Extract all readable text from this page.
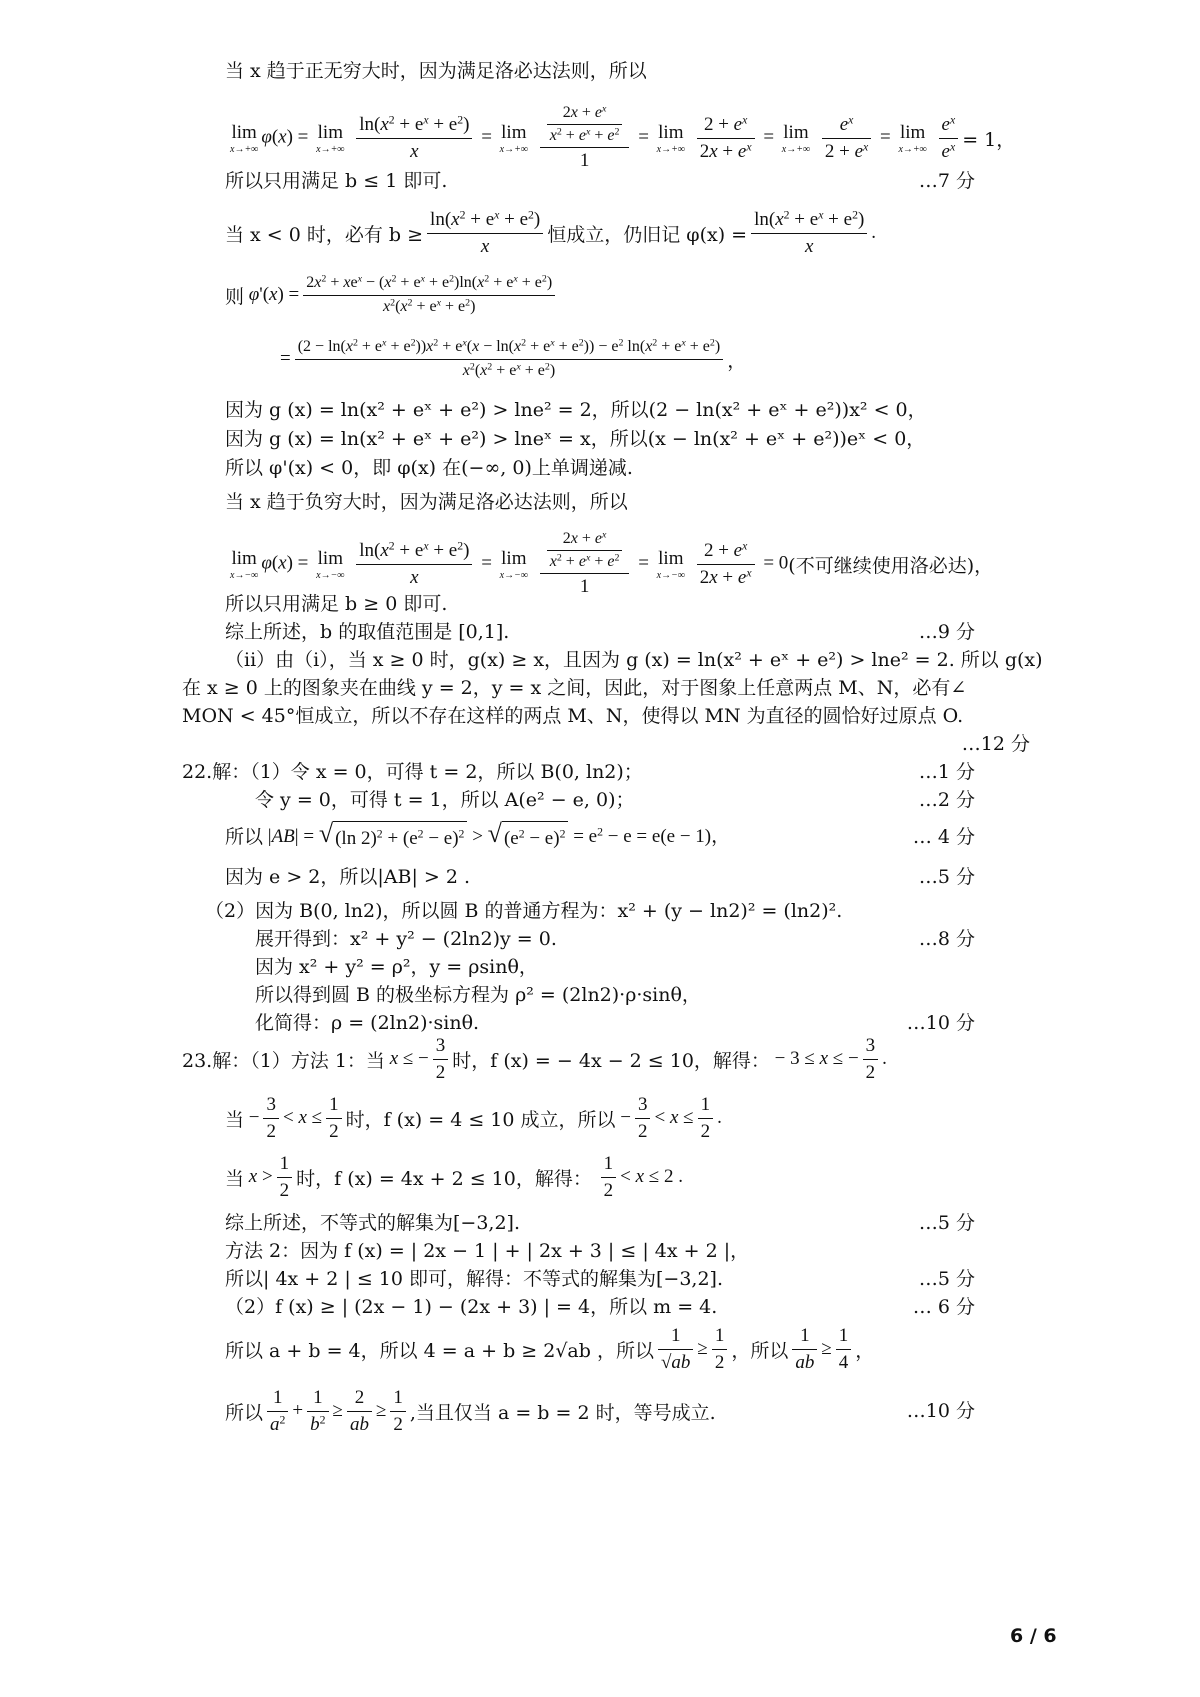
当 x 趋于正无穷大时，因为满足洛必达法则，所以
lim
x→+∞
φ(x) = lim
x→+∞
$\frac{\ln(x^2 + e^x + e^2)}{x} = \lim$
x→+∞
$\frac{\frac{2x + e^x}{x^2 + e^x + e^2}}{1} = \lim$
x→+∞
$\frac{2 + e^x}{2x + e^x} = \lim$
x→+∞
$\frac{e^x}{2 + e^x} = \lim$
x→+∞
$\frac{e^x}{e^x} = 1$，
所以只用满足 b ≤ 1 即可.	…7 分
当 x < 0 时，必有 $b \ge \frac{\ln(x^2 + e^x + e^2)}{x}$ 恒成立，仍旧记 $\varphi(x) = \frac{\ln(x^2 + e^x + e^2)}{x}$ .
则 $\varphi'(x) = \frac{2x^2 + xe^x - (x^2 + e^x + e^2)\ln(x^2 + e^x + e^2)}{x^2(x^2 + e^x + e^2)}$
=
$(2 - \ln(x^2 + e^x + e^2))x^2 + e^x(x - \ln(x^2 + e^x + e^2)) - e^2$ $\ln(x^2 + e^x + e^2)$
$x^2(x^2 + e^x + e^2)$	，
因为 g (x) = ln(x² + eˣ + e²) > lne² = 2，所以(2 − ln(x² + eˣ + e²))x² < 0，
因为 g (x) = ln(x² + eˣ + e²) > lneˣ = x，所以(x − ln(x² + eˣ + e²))eˣ < 0，
所以 φ'(x) < 0，即 φ(x) 在(−∞, 0)上单调递减.
当 x 趋于负穷大时，因为满足洛必达法则，所以
lim
x→−∞
φ(x) = lim
x→−∞
$\frac{\ln(x^2 + e^x + e^2)}{x} = \lim$
x→−∞
$\frac{\frac{2x + e^x}{x^2 + e^x + e^2}}{1} = \lim$
x→−∞
$\frac{2 + e^x}{2x + e^x} = 0$ (不可继续使用洛必达)，
所以只用满足 b ≥ 0 即可.
综上所述，b 的取值范围是 [0,1].	…9 分
（ii）由（i），当 x ≥ 0 时，g(x) ≥ x，且因为 g (x) = ln(x² + eˣ + e²) > lne² = 2. 所以 g(x)
在 x ≥ 0 上的图象夹在曲线 y = 2，y = x 之间，因此，对于图象上任意两点 M、N，必有∠
MON < 45°恒成立，所以不存在这样的两点 M、N，使得以 MN 为直径的圆恰好过原点 O.
…12 分
22.解：（1）令 x = 0，可得 t = 2，所以 B(0, ln2)；	…1 分
令 y = 0，可得 t = 1，所以 A(e² − e, 0)；	…2 分
所以 |AB| = √ (ln $2)^2 + (e^2 - e)^2$ > √ $(e^2 - e)^2 = e^2 - e = e(e - 1)$，	… 4 分
因为 e > 2，所以|AB| > 2 .	…5 分
（2）因为 B(0, ln2)，所以圆 B 的普通方程为：x² + (y − ln2)² = (ln2)².
展开得到：x² + y² − (2ln2)y = 0.	…8 分
因为 x² + y² = ρ²，y = ρsinθ，
所以得到圆 B 的极坐标方程为 ρ² = (2ln2)·ρ·sinθ，
化简得：ρ = (2ln2)·sinθ.	…10 分
23.解：（1）方法 1：当 x ≤ − $\frac{3}{2}$ 时，f (x) = − 4x − 2 ≤ 10，解得： − 3 ≤ x ≤ − $\frac{3}{2}$ .
当 − $\frac{3}{2} < x \le \frac{1}{2}$ 时，f (x) = 4 ≤ 10 成立，所以 − $\frac{3}{2} < x \le \frac{1}{2}$ .
当 $x > \frac{1}{2}$ 时，f (x) = 4x + 2 ≤ 10，解得：
$\frac{1}{2} < x \le 2$ .
综上所述，不等式的解集为[−3,2].	…5 分
方法 2：因为 f (x) = | 2x − 1 | + | 2x + 3 | ≤ | 4x + 2 |，
所以| 4x + 2 | ≤ 10 即可，解得：不等式的解集为[−3,2].	…5 分
（2）f (x) ≥ | (2x − 1) − (2x + 3) | = 4，所以 m = 4.	… 6 分
所以 a + b = 4，所以 4 = a + b ≥ 2√ab ，所以 $\frac{1}{√ab} \ge \frac{1}{2}$ ，所以 $\frac{1}{ab} \ge \frac{1}{4}$ ，
所以 $\frac{1}{a^2} + \frac{1}{b^2} \ge \frac{2}{ab} \ge \frac{1}{2}$ ,当且仅当 a = b = 2 时，等号成立.	…10 分
6 / 6
